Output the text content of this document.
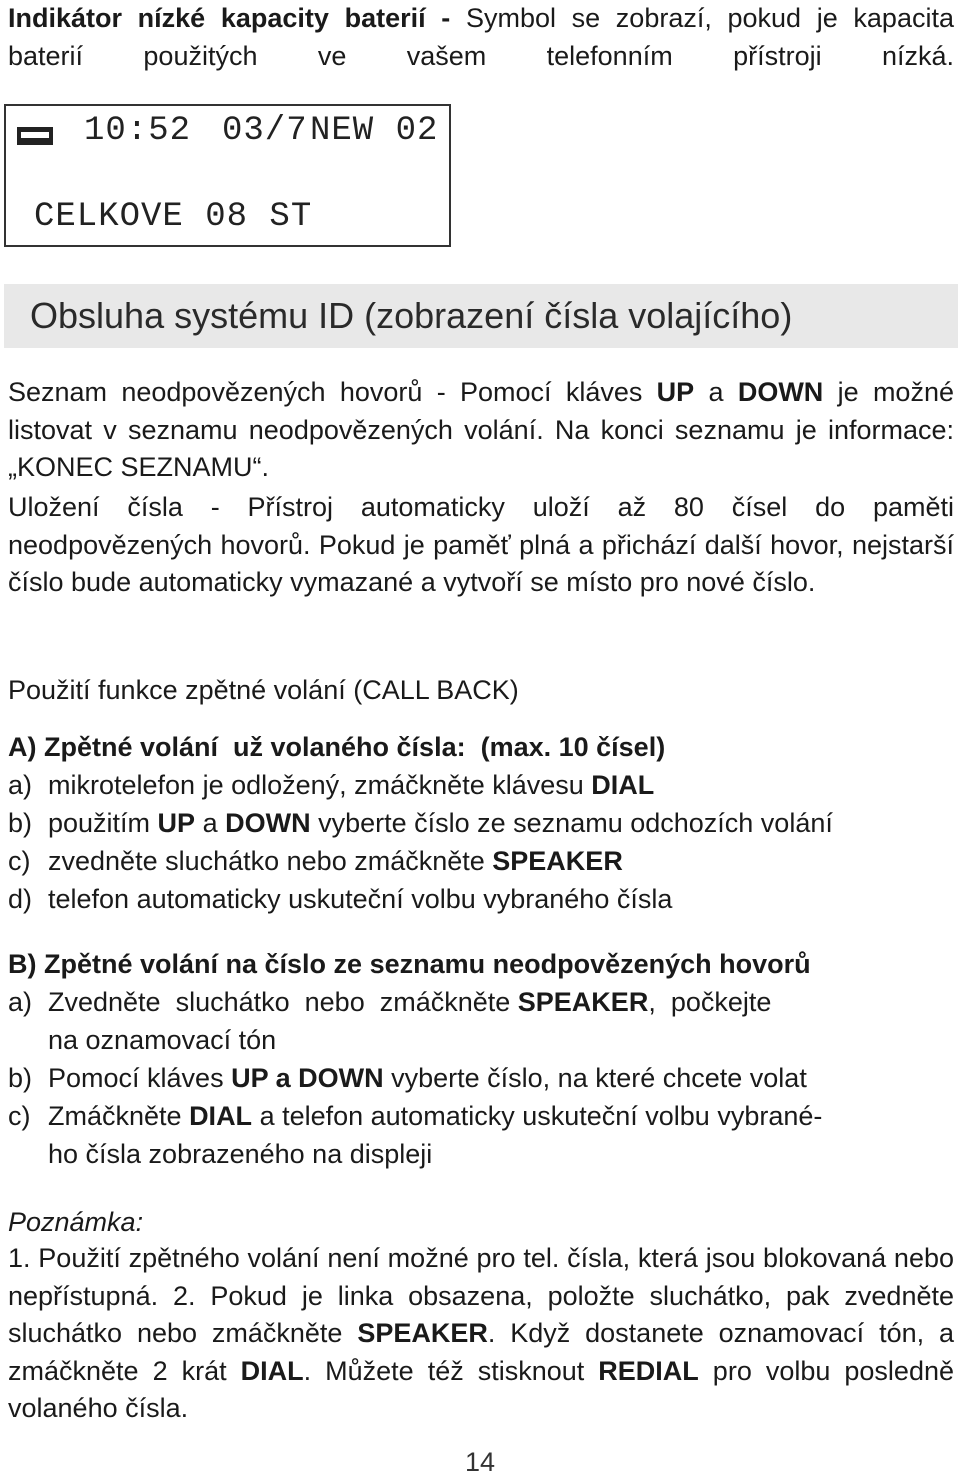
Indikátor nízké kapacity baterií - Symbol se zobrazí, pokud je kapacita baterií použitých ve vašem telefonním přístroji nízká.

10:52 03/7 NEW 02
CELKOVE 08 ST
Obsluha systému ID (zobrazení čísla volajícího)

Seznam neodpovězených hovorů - Pomocí kláves UP a DOWN je možné listovat v seznamu neodpovězených volání. Na konci seznamu je informace: „KONEC SEZNAMU“.

Uložení čísla - Přístroj automaticky uloží až 80 čísel do paměti neodpovězených hovorů. Pokud je paměť plná a přichází další hovor, nejstarší číslo bude automaticky vymazané a vytvoří se místo pro nové číslo.

Použití funkce zpětné volání (CALL BACK)

A) Zpětné volání  už volaného čísla:  (max. 10 čísel)

a) mikrotelefon je odložený, zmáčkněte klávesu DIAL
b) použitím UP a DOWN vyberte číslo ze seznamu odchozích volání
c) zvedněte sluchátko nebo zmáčkněte SPEAKER
d) telefon automaticky uskuteční volbu vybraného čísla

B) Zpětné volání na číslo ze seznamu neodpovězených hovorů

a) Zvedněte  sluchátko  nebo  zmáčkněte SPEAKER,  počkejte
na oznamovací tón
b) Pomocí kláves UP a DOWN vyberte číslo, na které chcete volat
c) Zmáčkněte DIAL a telefon automaticky uskuteční volbu vybrané-
ho čísla zobrazeného na displeji

Poznámka:

1. Použití zpětného volání není možné pro tel. čísla, která jsou blokovaná nebo nepřístupná. 2. Pokud je linka obsazena, položte sluchátko, pak zvedněte sluchátko nebo zmáčkněte SPEAKER. Když dostanete oznamovací tón, a zmáčkněte 2 krát DIAL. Můžete též stisknout REDIAL pro volbu posledně volaného čísla.

14
